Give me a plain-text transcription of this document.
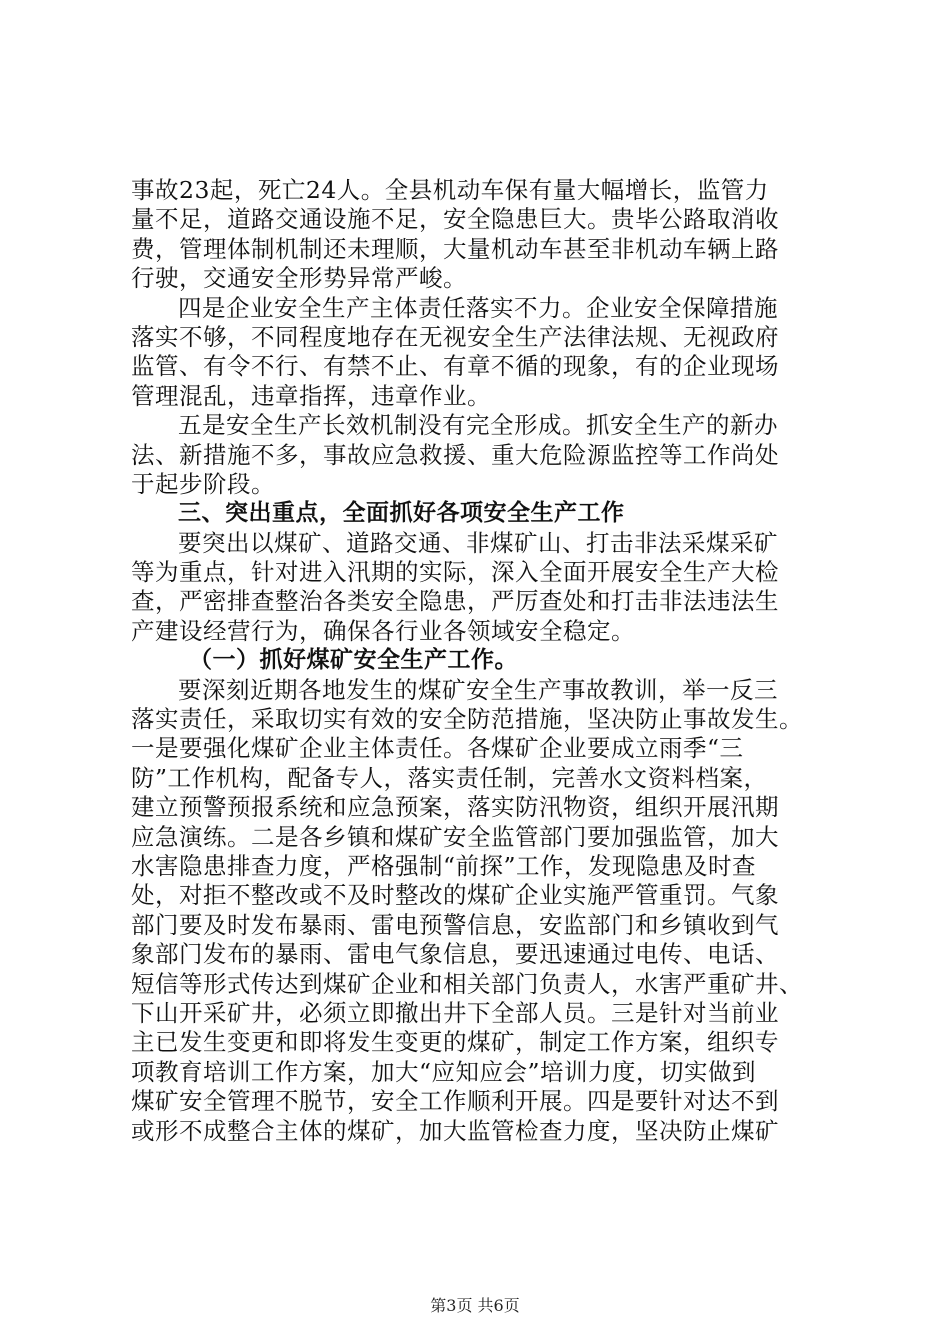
事故23起，死亡24人。全县机动车保有量大幅增长，监管力
量不足，道路交通设施不足，安全隐患巨大。贵毕公路取消收
费，管理体制机制还未理顺，大量机动车甚至非机动车辆上路
行驶，交通安全形势异常严峻。
四是企业安全生产主体责任落实不力。企业安全保障措施
落实不够，不同程度地存在无视安全生产法律法规、无视政府
监管、有令不行、有禁不止、有章不循的现象，有的企业现场
管理混乱，违章指挥，违章作业。
五是安全生产长效机制没有完全形成。抓安全生产的新办
法、新措施不多，事故应急救援、重大危险源监控等工作尚处
于起步阶段。
三、突出重点，全面抓好各项安全生产工作
要突出以煤矿、道路交通、非煤矿山、打击非法采煤采矿
等为重点，针对进入汛期的实际，深入全面开展安全生产大检
查，严密排查整治各类安全隐患，严厉查处和打击非法违法生
产建设经营行为，确保各行业各领域安全稳定。
（一）抓好煤矿安全生产工作。
要深刻近期各地发生的煤矿安全生产事故教训，举一反三
落实责任，采取切实有效的安全防范措施，坚决防止事故发生。
一是要强化煤矿企业主体责任。各煤矿企业要成立雨季“三
防”工作机构，配备专人，落实责任制，完善水文资料档案，
建立预警预报系统和应急预案，落实防汛物资，组织开展汛期
应急演练。二是各乡镇和煤矿安全监管部门要加强监管，加大
水害隐患排查力度，严格强制“前探”工作，发现隐患及时查
处，对拒不整改或不及时整改的煤矿企业实施严管重罚。气象
部门要及时发布暴雨、雷电预警信息，安监部门和乡镇收到气
象部门发布的暴雨、雷电气象信息，要迅速通过电传、电话、
短信等形式传达到煤矿企业和相关部门负责人，水害严重矿井、
下山开采矿井，必须立即撤出井下全部人员。三是针对当前业
主已发生变更和即将发生变更的煤矿，制定工作方案，组织专
项教育培训工作方案，加大“应知应会”培训力度，切实做到
煤矿安全管理不脱节，安全工作顺利开展。四是要针对达不到
或形不成整合主体的煤矿，加大监管检查力度，坚决防止煤矿
第3页 共6页
